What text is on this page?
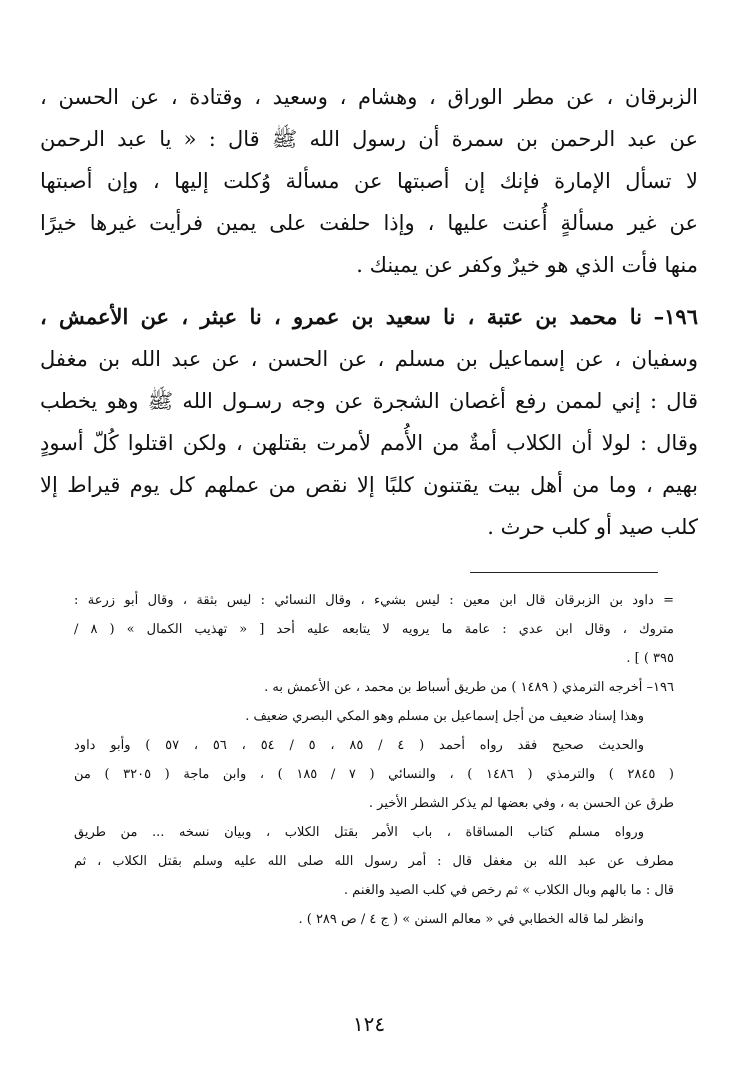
الزبرقان ، عن مطر الوراق ، وهشام ، وسعيد ، وقتادة ، عن الحسن ،
عن عبد الرحمن بن سمرة أن رسول الله ﷺ قال : « يا عبد الرحمن
لا تسأل الإمارة فإنك إن أصبتها عن مسألة وُكلت إليها ، وإن أصبتها
عن غير مسألةٍ أُعنت عليها ، وإذا حلفت على يمين فرأيت غيرها خيرًا
منها فأت الذي هو خيرٌ وكفر عن يمينك .
١٩٦– نا محمد بن عتبة ، نا سعيد بن عمرو ، نا عبثر ، عن الأعمش ،
وسفيان ، عن إسماعيل بن مسلم ، عن الحسن ، عن عبد الله بن مغفل
قال : إني لممن رفع أغصان الشجرة عن وجه رسـول الله ﷺ وهو يخطب
وقال : لولا أن الكلاب أمةٌ من الأُمم لأمرت بقتلهن ، ولكن اقتلوا كُلّ أسودٍ
بهيم ، وما من أهل بيت يقتنون كلبًا إلا نقص من عملهم كل يوم قيراط إلا
كلب صيد أو كلب حرث .
= داود بن الزبرقان قال ابن معين : ليس بشيء ، وقال النسائي : ليس بثقة ، وقال أبو زرعة :
متروك ، وقال ابن عدي : عامة ما يرويه لا يتابعه عليه أحد [ « تهذيب الكمال » ( ٨ /
٣٩٥ ) ] .
١٩٦– أخرجه الترمذي ( ١٤٨٩ ) من طريق أسباط بن محمد ، عن الأعمش به .
وهذا إسناد ضعيف من أجل إسماعيل بن مسلم وهو المكي البصري ضعيف .
والحديث صحيح فقد رواه أحمد ( ٤ / ٨٥ ، ٥ / ٥٤ ، ٥٦ ، ٥٧ ) وأبو داود
( ٢٨٤٥ ) والترمذي ( ١٤٨٦ ) ، والنسائي ( ٧ / ١٨٥ ) ، وابن ماجة ( ٣٢٠٥ ) من
طرق عن الحسن به ، وفي بعضها لم يذكر الشطر الأخير .
ورواه مسلم كتاب المساقاة ، باب الأمر بقتل الكلاب ، وبيان نسخه ... من طريق
مطرف عن عبد الله بن مغفل قال : أمر رسول الله صلى الله عليه وسلم بقتل الكلاب ، ثم
قال : ما بالهم وبال الكلاب » ثم رخص في كلب الصيد والغنم .
وانظر لما قاله الخطابي في « معالم السنن » ( ج ٤ / ص ٢٨٩ ) .
١٢٤
